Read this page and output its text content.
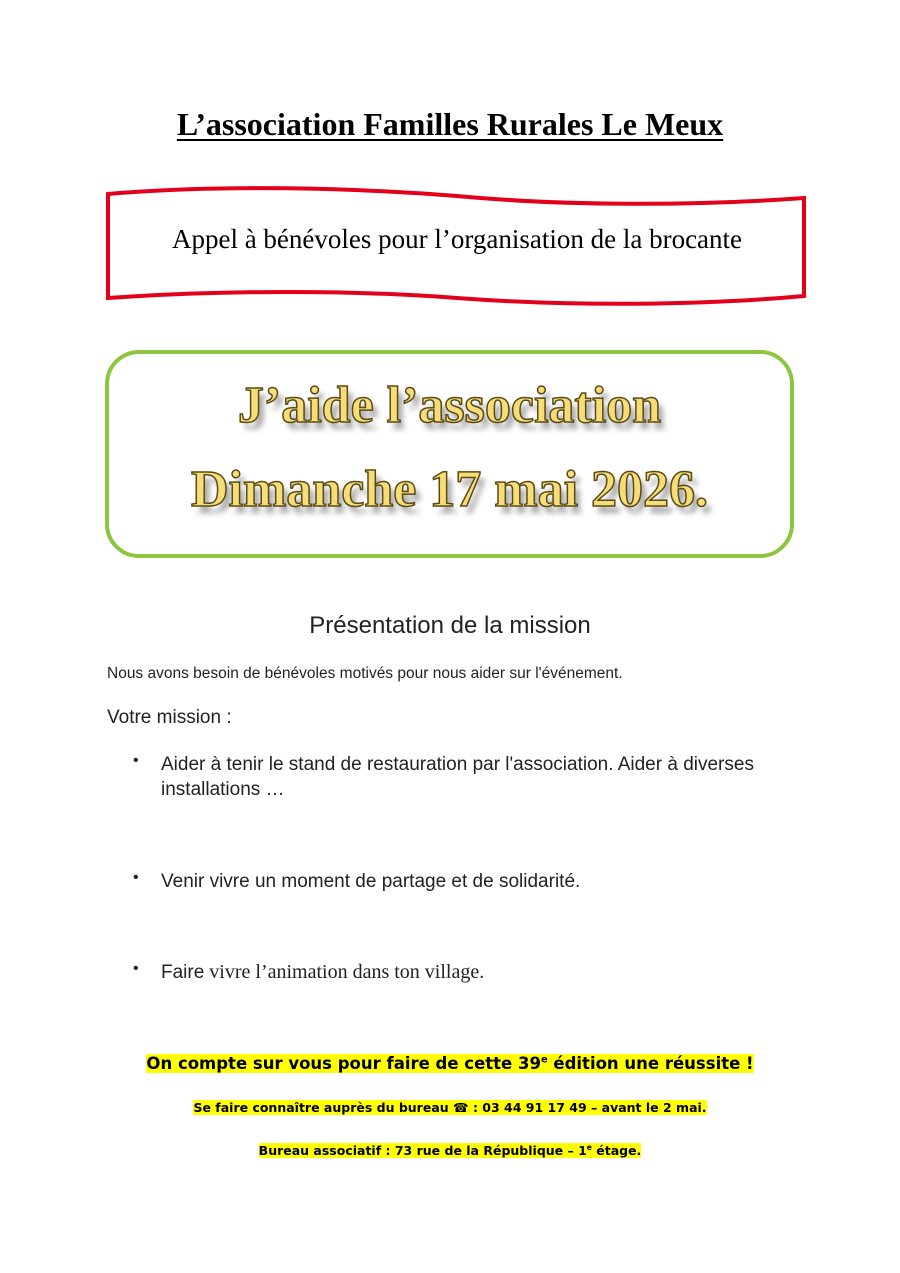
L’association Familles Rurales Le Meux
Appel à bénévoles pour l’organisation de la brocante
J’aide l’association
Dimanche 17 mai 2026.
Présentation de la mission
Nous avons besoin de bénévoles motivés pour nous aider sur l'événement.
Votre mission :
• Aider à tenir le stand de restauration par l'association. Aider à diverses installations …
• Venir vivre un moment de partage et de solidarité.
• Faire vivre l’animation dans ton village.
On compte sur vous pour faire de cette 39e édition une réussite !
Se faire connaître auprès du bureau ☎ : 03 44 91 17 49 – avant le 2 mai.
Bureau associatif : 73 rue de la République – 1e étage.
